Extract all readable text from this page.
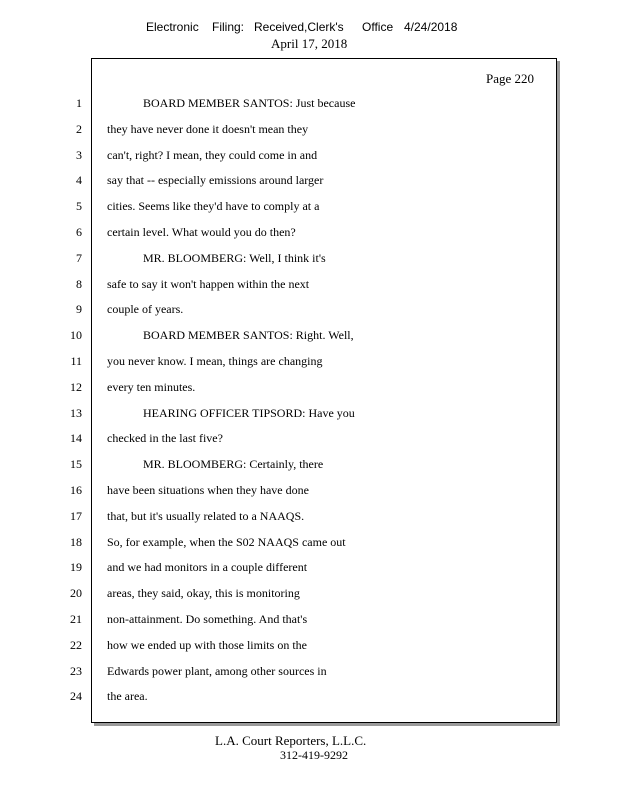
Electronic

Filing:

Received,Clerk's

Office

4/24/2018

April 17, 2018
Page 220
1	BOARD MEMBER SANTOS: Just because
2 they have never done it doesn't mean they
3 can't, right? I mean, they could come in and
4 say that -- especially emissions around larger
5 cities. Seems like they'd have to comply at a
6 certain level. What would you do then?
7	MR. BLOOMBERG: Well, I think it's
8 safe to say it won't happen within the next
9 couple of years.
10	BOARD MEMBER SANTOS: Right. Well,
11 you never know. I mean, things are changing
12 every ten minutes.
13	HEARING OFFICER TIPSORD: Have you
14 checked in the last five?
15	MR. BLOOMBERG: Certainly, there
16 have been situations when they have done
17 that, but it's usually related to a NAAQS.
18 So, for example, when the S02 NAAQS came out
19 and we had monitors in a couple different
20 areas, they said, okay, this is monitoring
21 non-attainment. Do something. And that's
22 how we ended up with those limits on the
23 Edwards power plant, among other sources in
24 the area.
L.A. Court Reporters, L.L.C.
312-419-9292
